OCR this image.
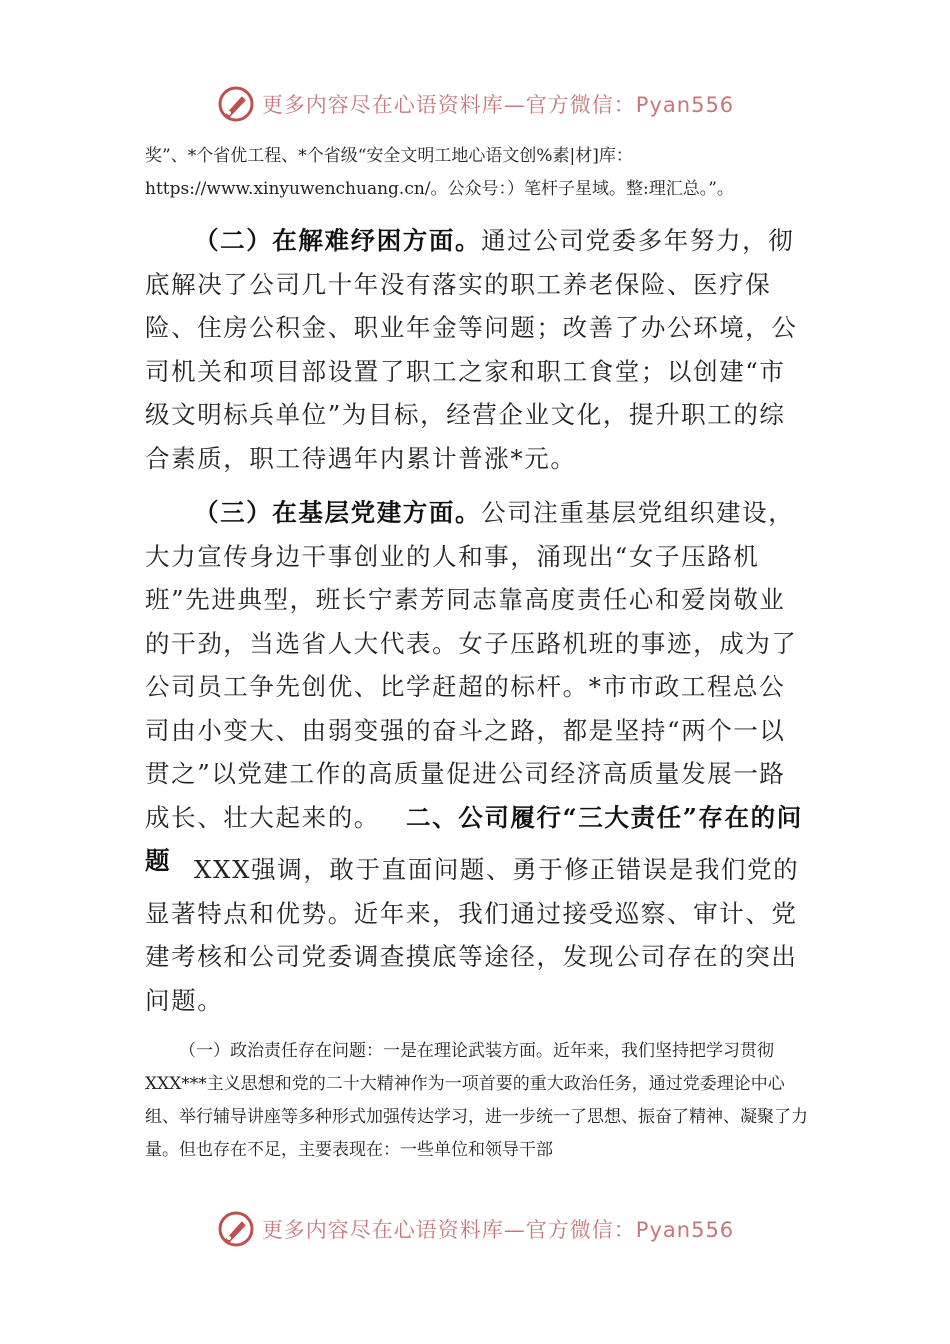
更多内容尽在心语资料库—官方微信：Pyan556

奖”、*个省优工程、*个省级“安全文明工地心语文创%素|材]库：https://www.xinyuwenchuang.cn/。公众号：）笔杆子星域。整:理汇总。”。

（二）在解难纾困方面。通过公司党委多年努力，彻底解决了公司几十年没有落实的职工养老保险、医疗保险、住房公积金、职业年金等问题；改善了办公环境，公司机关和项目部设置了职工之家和职工食堂；以创建“市级文明标兵单位”为目标，经营企业文化，提升职工的综合素质，职工待遇年内累计普涨*元。

（三）在基层党建方面。公司注重基层党组织建设，大力宣传身边干事创业的人和事，涌现出“女子压路机班”先进典型，班长宁素芳同志靠高度责任心和爱岗敬业的干劲，当选省人大代表。女子压路机班的事迹，成为了公司员工争先创优、比学赶超的标杆。*市市政工程总公司由小变大、由弱变强的奋斗之路，都是坚持“两个一以贯之”以党建工作的高质量促进公司经济高质量发展一路成长、壮大起来的。  二、公司履行“三大责任”存在的问题 XXX强调，敢于直面问题、勇于修正错误是我们党的显著特点和优势。近年来，我们通过接受巡察、审计、党建考核和公司党委调查摸底等途径，发现公司存在的突出问题。

（一）政治责任存在问题：一是在理论武装方面。近年来，我们坚持把学习贯彻XXX***主义思想和党的二十大精神作为一项首要的重大政治任务，通过党委理论中心组、举行辅导讲座等多种形式加强传达学习，进一步统一了思想、振奋了精神、凝聚了力量。但也存在不足，主要表现在：一些单位和领导干部

更多内容尽在心语资料库—官方微信：Pyan556
